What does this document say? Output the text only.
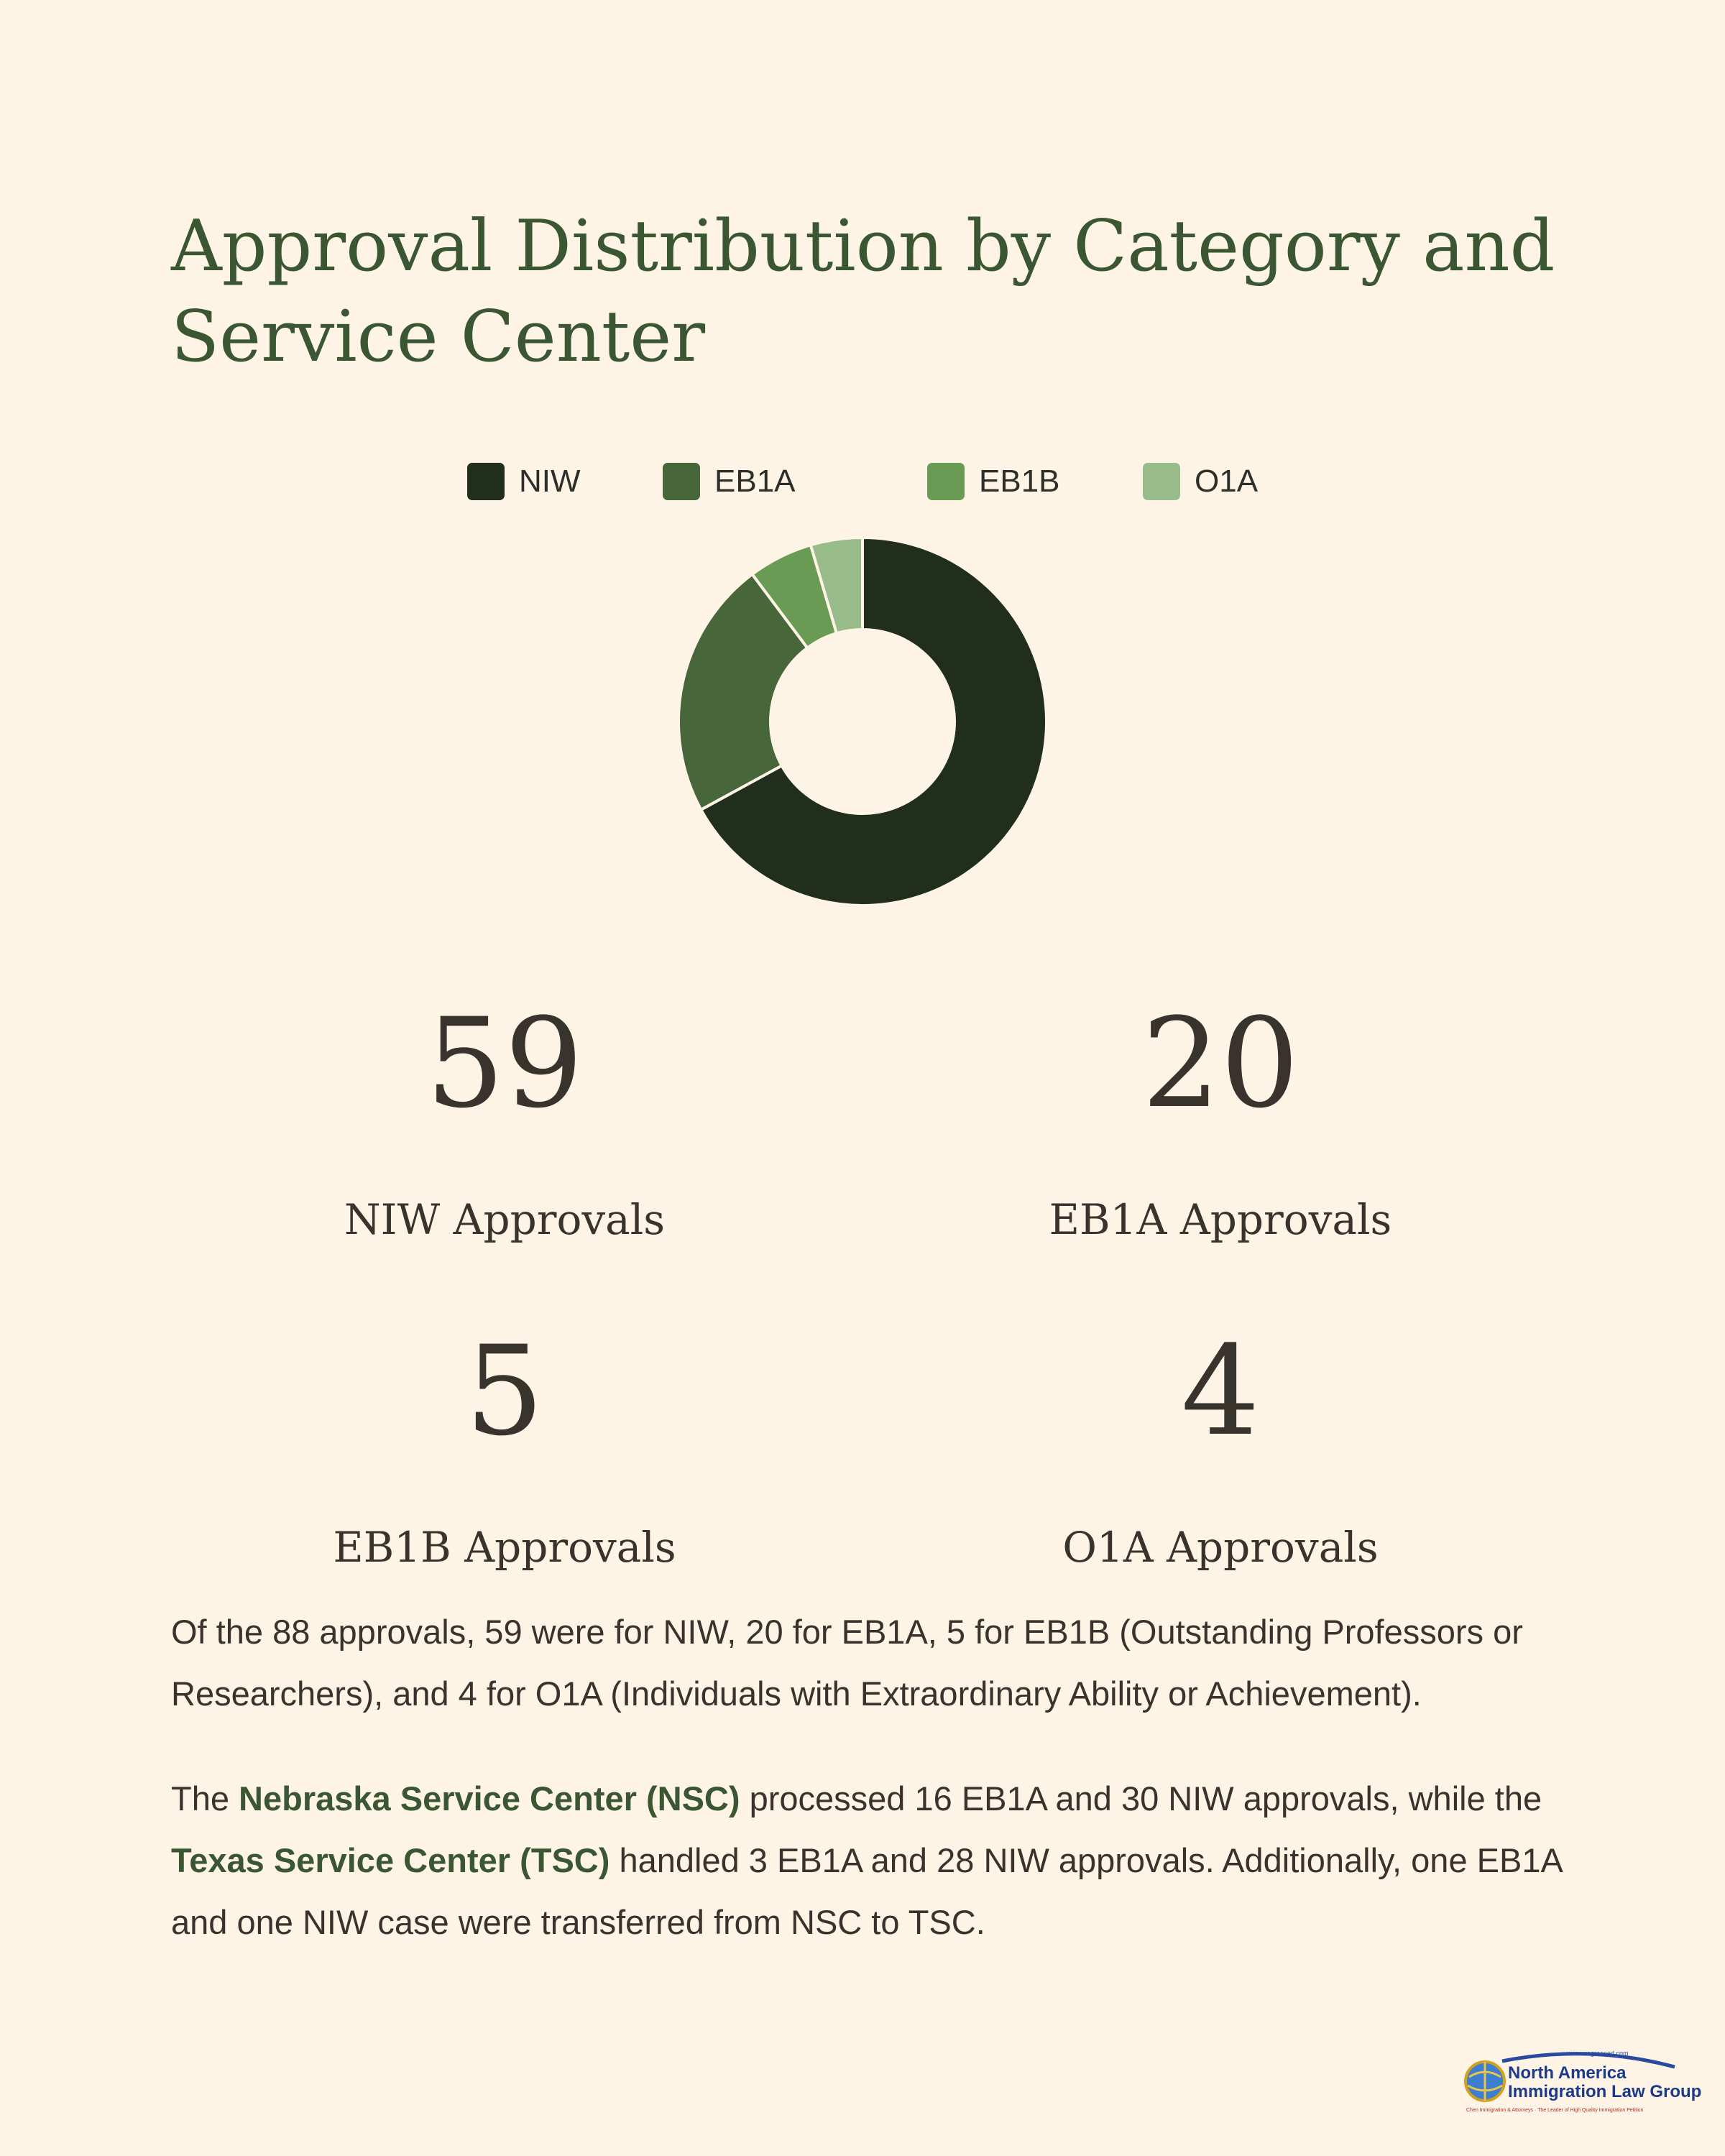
Approval Distribution by Category and Service Center
NIW	EB1A	EB1B	O1A
59
NIW Approvals
20
EB1A Approvals
5
EB1B Approvals
4
O1A Approvals

Of the 88 approvals, 59 were for NIW, 20 for EB1A, 5 for EB1B (Outstanding Professors or Researchers), and 4 for O1A (Individuals with Extraordinary Ability or Achievement).

The Nebraska Service Center (NSC) processed 16 EB1A and 30 NIW approvals, while the Texas Service Center (TSC) handled 3 EB1A and 28 NIW approvals. Additionally, one EB1A and one NIW case were transferred from NSC to TSC.

www.wegreened.com
North America
Immigration Law Group
Chen Immigration & Attorneys · The Leader of High Quality Immigration Petition
